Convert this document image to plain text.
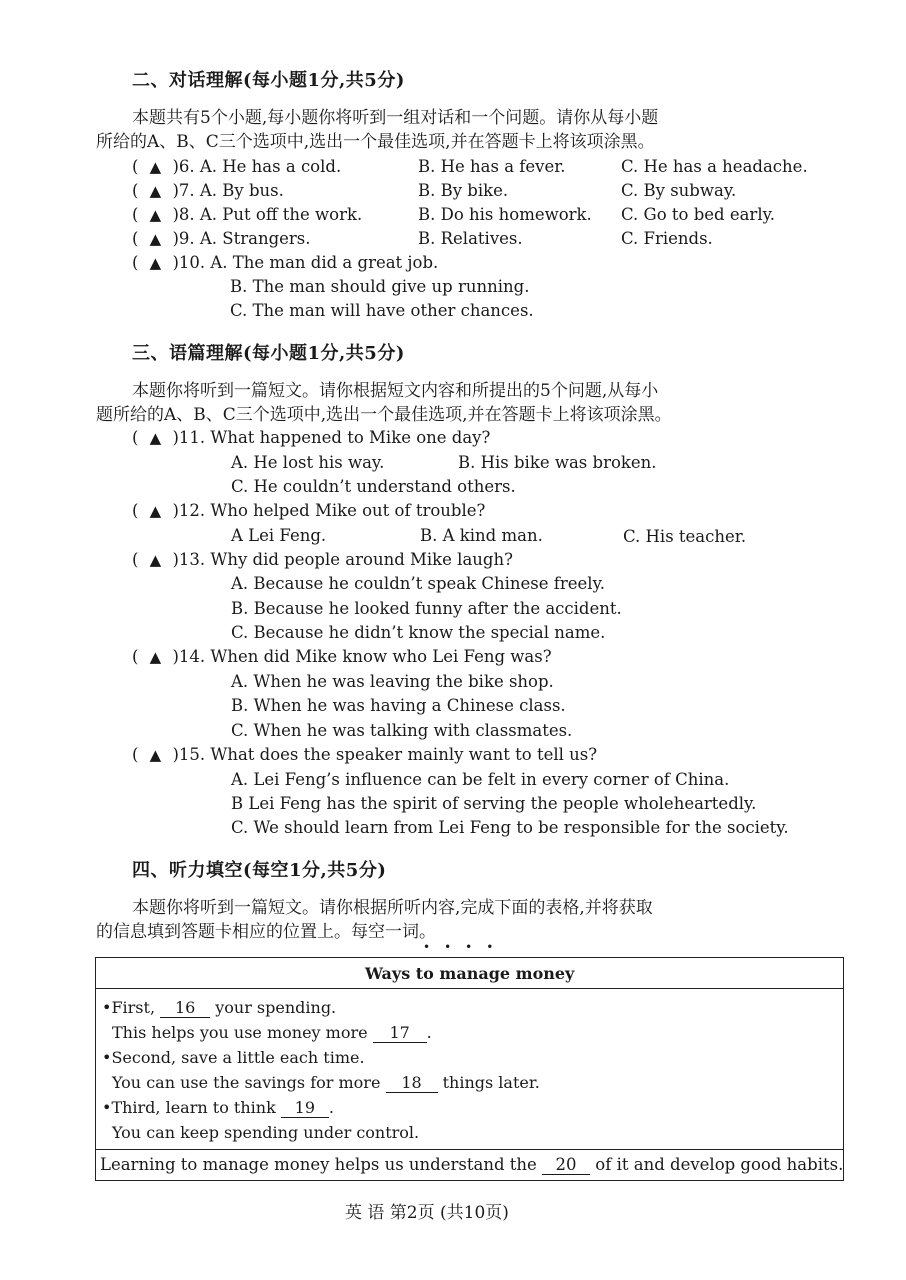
二、对话理解(每小题1分,共5分)
本题共有5个小题,每小题你将听到一组对话和一个问题。请你从每小题
所给的A、B、C三个选项中,选出一个最佳选项,并在答题卡上将该项涂黑。
( ▲ )6. A. He has a cold.	B. He has a fever.	C. He has a headache.
( ▲ )7. A. By bus.	B. By bike.	C. By subway.
( ▲ )8. A. Put off the work.	B. Do his homework. C. Go to bed early.
( ▲ )9. A. Strangers.	B. Relatives.	C. Friends.
( ▲ )10. A. The man did a great job.
B. The man should give up running.
C. The man will have other chances.
三、语篇理解(每小题1分,共5分)
本题你将听到一篇短文。请你根据短文内容和所提出的5个问题,从每小
题所给的A、B、C三个选项中,选出一个最佳选项,并在答题卡上将该项涂黑。
( ▲ )11. What happened to Mike one day?
A. He lost his way.	B. His bike was broken.
C. He couldn’t understand others.
( ▲ )12. Who helped Mike out of trouble?
A Lei Feng.	B. A kind man.	C. His teacher.
( ▲ )13. Why did people around Mike laugh?
A. Because he couldn’t speak Chinese freely.
B. Because he looked funny after the accident.
C. Because he didn’t know the special name.
( ▲ )14. When did Mike know who Lei Feng was?
A. When he was leaving the bike shop.
B. When he was having a Chinese class.
C. When he was talking with classmates.
( ▲ )15. What does the speaker mainly want to tell us?
A. Lei Feng’s influence can be felt in every corner of China.
B Lei Feng has the spirit of serving the people wholeheartedly.
C. We should learn from Lei Feng to be responsible for the society.
四、听力填空(每空1分,共5分)
本题你将听到一篇短文。请你根据所听内容,完成下面的表格,并将获取
的信息填到答题卡相应的位置上。每空一词。
••••
Ways to manage money

•First, 16 your spending.
This helps you use money more 17 .
•Second, save a little each time.
You can use the savings for more 18 things later.
•Third, learn to think 19 .
You can keep spending under control.

Learning to manage money helps us understand the 20 of it and develop good habits.
英 语 第2页 (共10页)
